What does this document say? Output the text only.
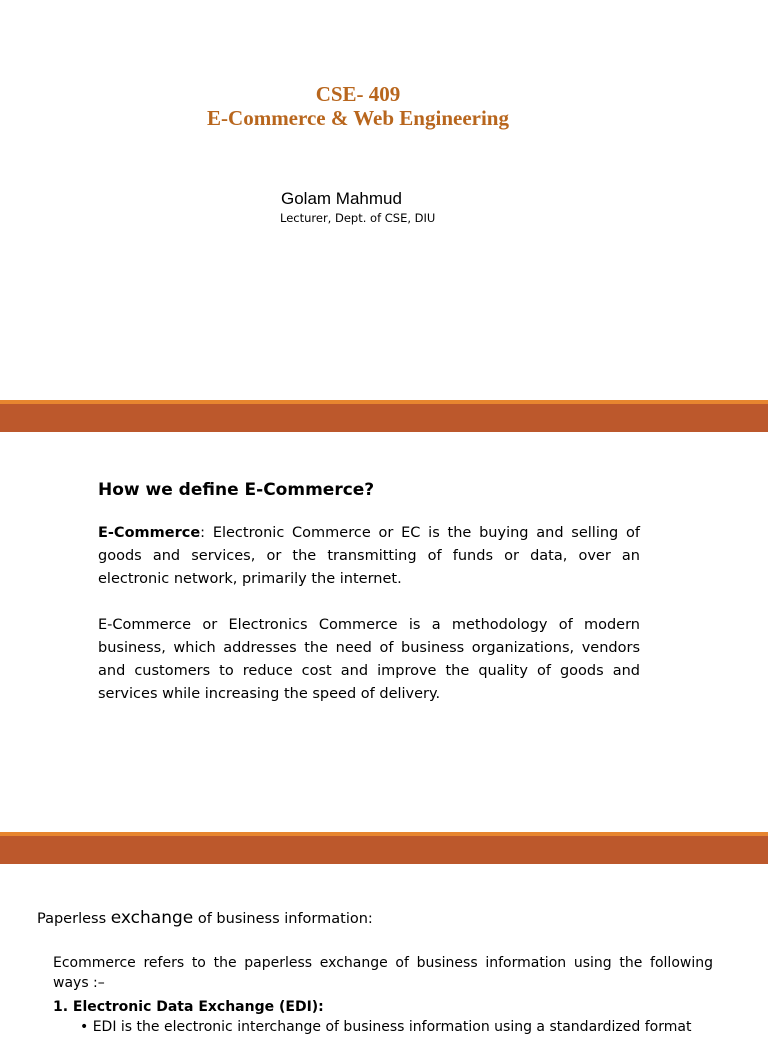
CSE- 409
E-Commerce & Web Engineering
Golam Mahmud
Lecturer, Dept. of CSE, DIU
How we define E-Commerce?

E-Commerce: Electronic Commerce or EC is the buying and selling of goods and services, or the transmitting of funds or data, over an electronic network, primarily the internet.

E-Commerce or Electronics Commerce is a methodology of modern business, which addresses the need of business organizations, vendors and customers to reduce cost and improve the quality of goods and services while increasing the speed of delivery.

Paperless exchange of business information:

Ecommerce refers to the paperless exchange of business information using the following ways :–

1. Electronic Data Exchange (EDI):
• EDI is the electronic interchange of business information using a standardized format
